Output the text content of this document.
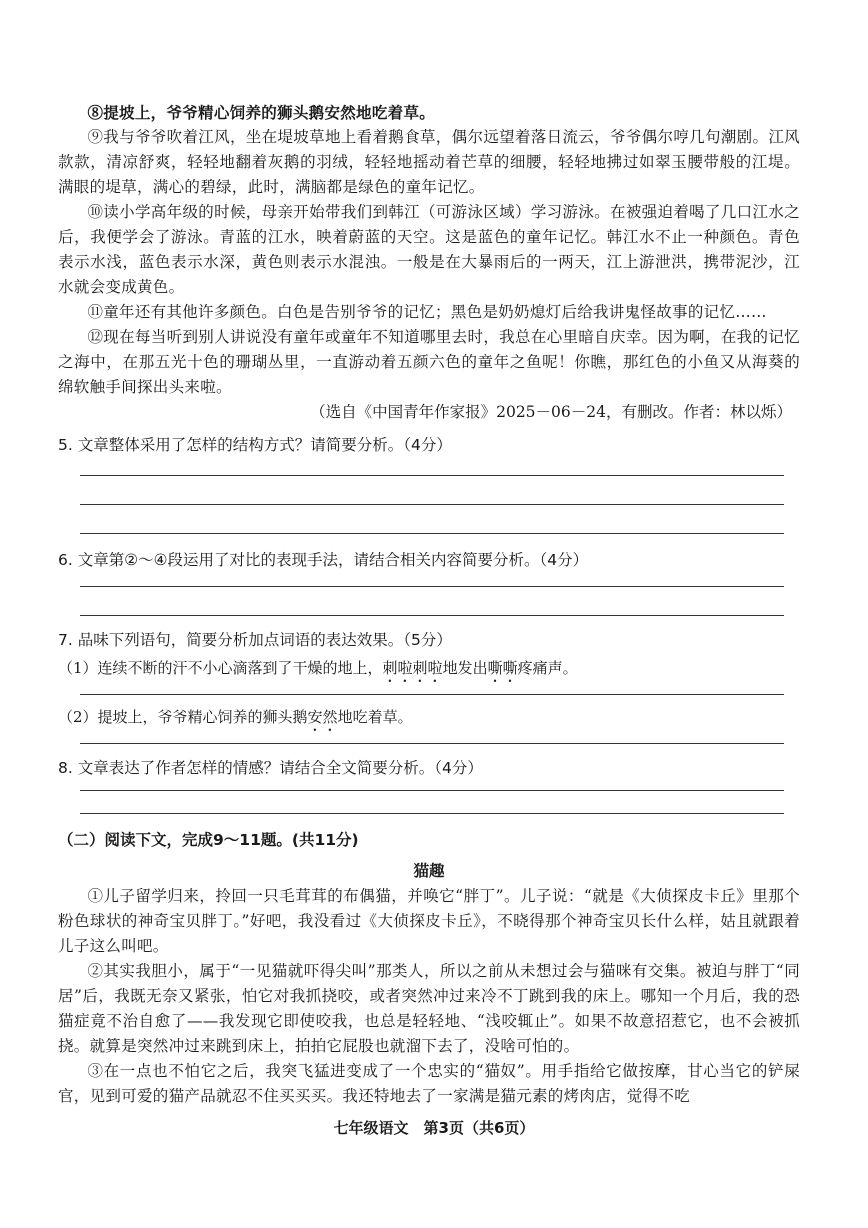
⑧提坡上，爷爷精心饲养的狮头鹅安然地吃着草。

⑨我与爷爷吹着江风，坐在堤坡草地上看着鹅食草，偶尔远望着落日流云，爷爷偶尔哼几句潮剧。江风款款，清凉舒爽，轻轻地翻着灰鹅的羽绒，轻轻地摇动着芒草的细腰，轻轻地拂过如翠玉腰带般的江堤。满眼的堤草，满心的碧绿，此时，满脑都是绿色的童年记忆。

⑩读小学高年级的时候，母亲开始带我们到韩江（可游泳区域）学习游泳。在被强迫着喝了几口江水之后，我便学会了游泳。青蓝的江水，映着蔚蓝的天空。这是蓝色的童年记忆。韩江水不止一种颜色。青色表示水浅，蓝色表示水深，黄色则表示水混浊。一般是在大暴雨后的一两天，江上游泄洪，携带泥沙，江水就会变成黄色。

⑪童年还有其他许多颜色。白色是告别爷爷的记忆；黑色是奶奶熄灯后给我讲鬼怪故事的记忆……

⑫现在每当听到别人讲说没有童年或童年不知道哪里去时，我总在心里暗自庆幸。因为啊，在我的记忆之海中，在那五光十色的珊瑚丛里，一直游动着五颜六色的童年之鱼呢！你瞧，那红色的小鱼又从海葵的绵软触手间探出头来啦。

（选自《中国青年作家报》2025－06－24，有删改。作者：林以烁）

5. 文章整体采用了怎样的结构方式？请简要分析。（4分）

6. 文章第②～④段运用了对比的表现手法，请结合相关内容简要分析。（4分）

7. 品味下列语句，简要分析加点词语的表达效果。（5分）

（1）连续不断的汗不小心滴落到了干燥的地上，刺啦刺啦地发出嘶嘶疼痛声。

（2）提坡上，爷爷精心饲养的狮头鹅安然地吃着草。

8. 文章表达了作者怎样的情感？请结合全文简要分析。（4分）

（二）阅读下文，完成9～11题。(共11分)

猫趣

①儿子留学归来，拎回一只毛茸茸的布偶猫，并唤它“胖丁”。儿子说：“就是《大侦探皮卡丘》里那个粉色球状的神奇宝贝胖丁。”好吧，我没看过《大侦探皮卡丘》，不晓得那个神奇宝贝长什么样，姑且就跟着儿子这么叫吧。

②其实我胆小，属于“一见猫就吓得尖叫”那类人，所以之前从未想过会与猫咪有交集。被迫与胖丁“同居”后，我既无奈又紧张，怕它对我抓挠咬，或者突然冲过来冷不丁跳到我的床上。哪知一个月后，我的恐猫症竟不治自愈了——我发现它即使咬我，也总是轻轻地、“浅咬辄止”。如果不故意招惹它，也不会被抓挠。就算是突然冲过来跳到床上，拍拍它屁股也就溜下去了，没啥可怕的。

③在一点也不怕它之后，我突飞猛进变成了一个忠实的“猫奴”。用手指给它做按摩，甘心当它的铲屎官，见到可爱的猫产品就忍不住买买买。我还特地去了一家满是猫元素的烤肉店，觉得不吃

七年级语文　第3页（共6页）
